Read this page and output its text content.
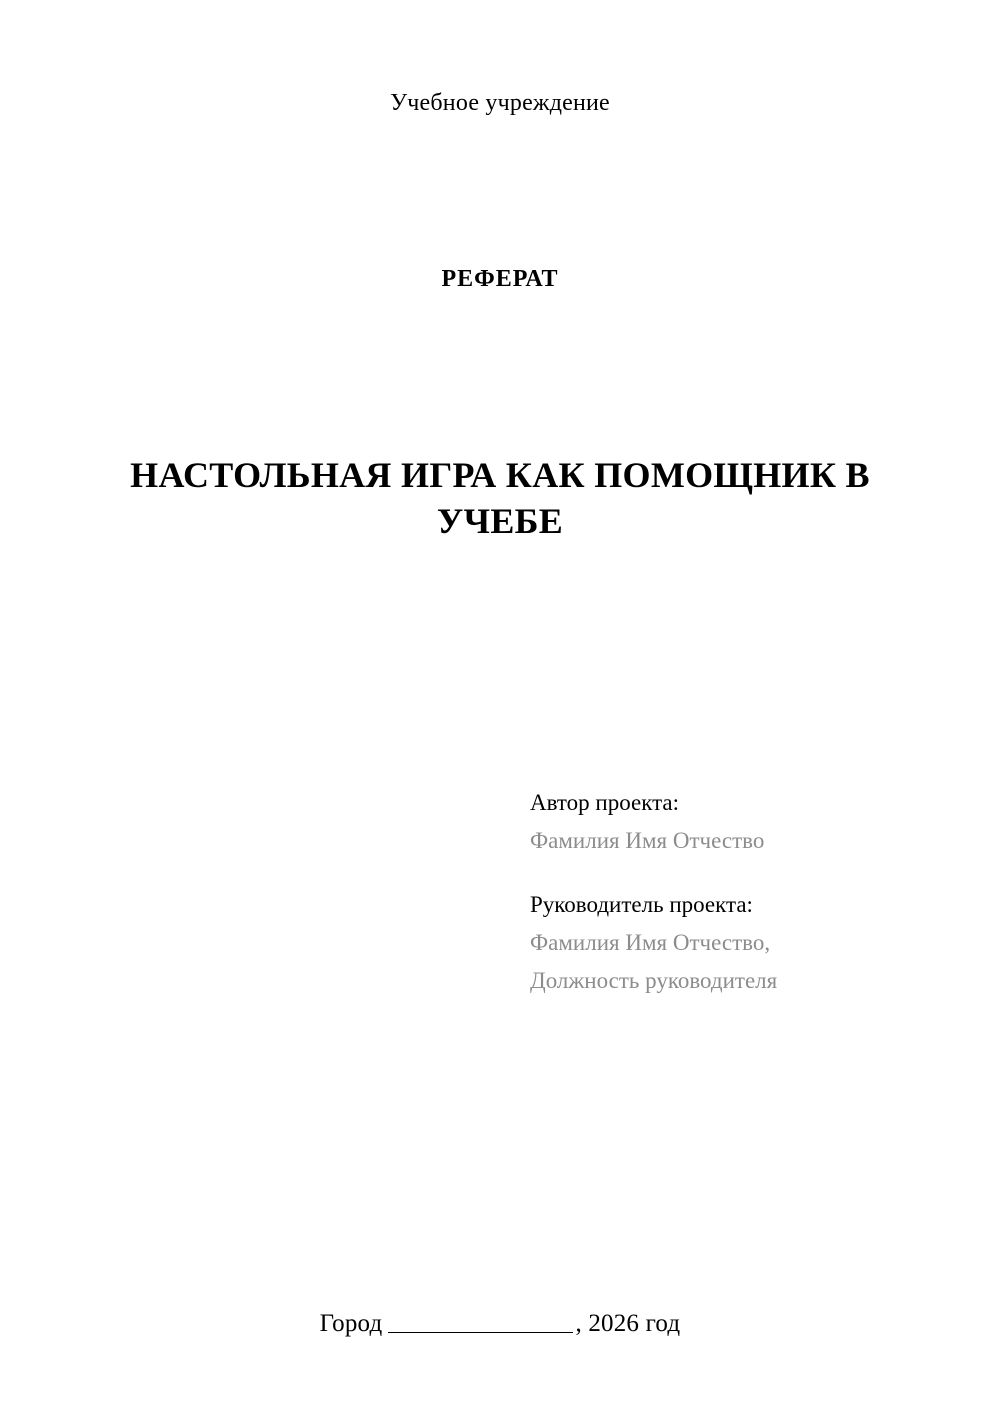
Учебное учреждение
РЕФЕРАТ
НАСТОЛЬНАЯ ИГРА КАК ПОМОЩНИК В УЧЕБЕ
Автор проекта:
Фамилия Имя Отчество
Руководитель проекта:
Фамилия Имя Отчество,
Должность руководителя
Город	, 2026 год
